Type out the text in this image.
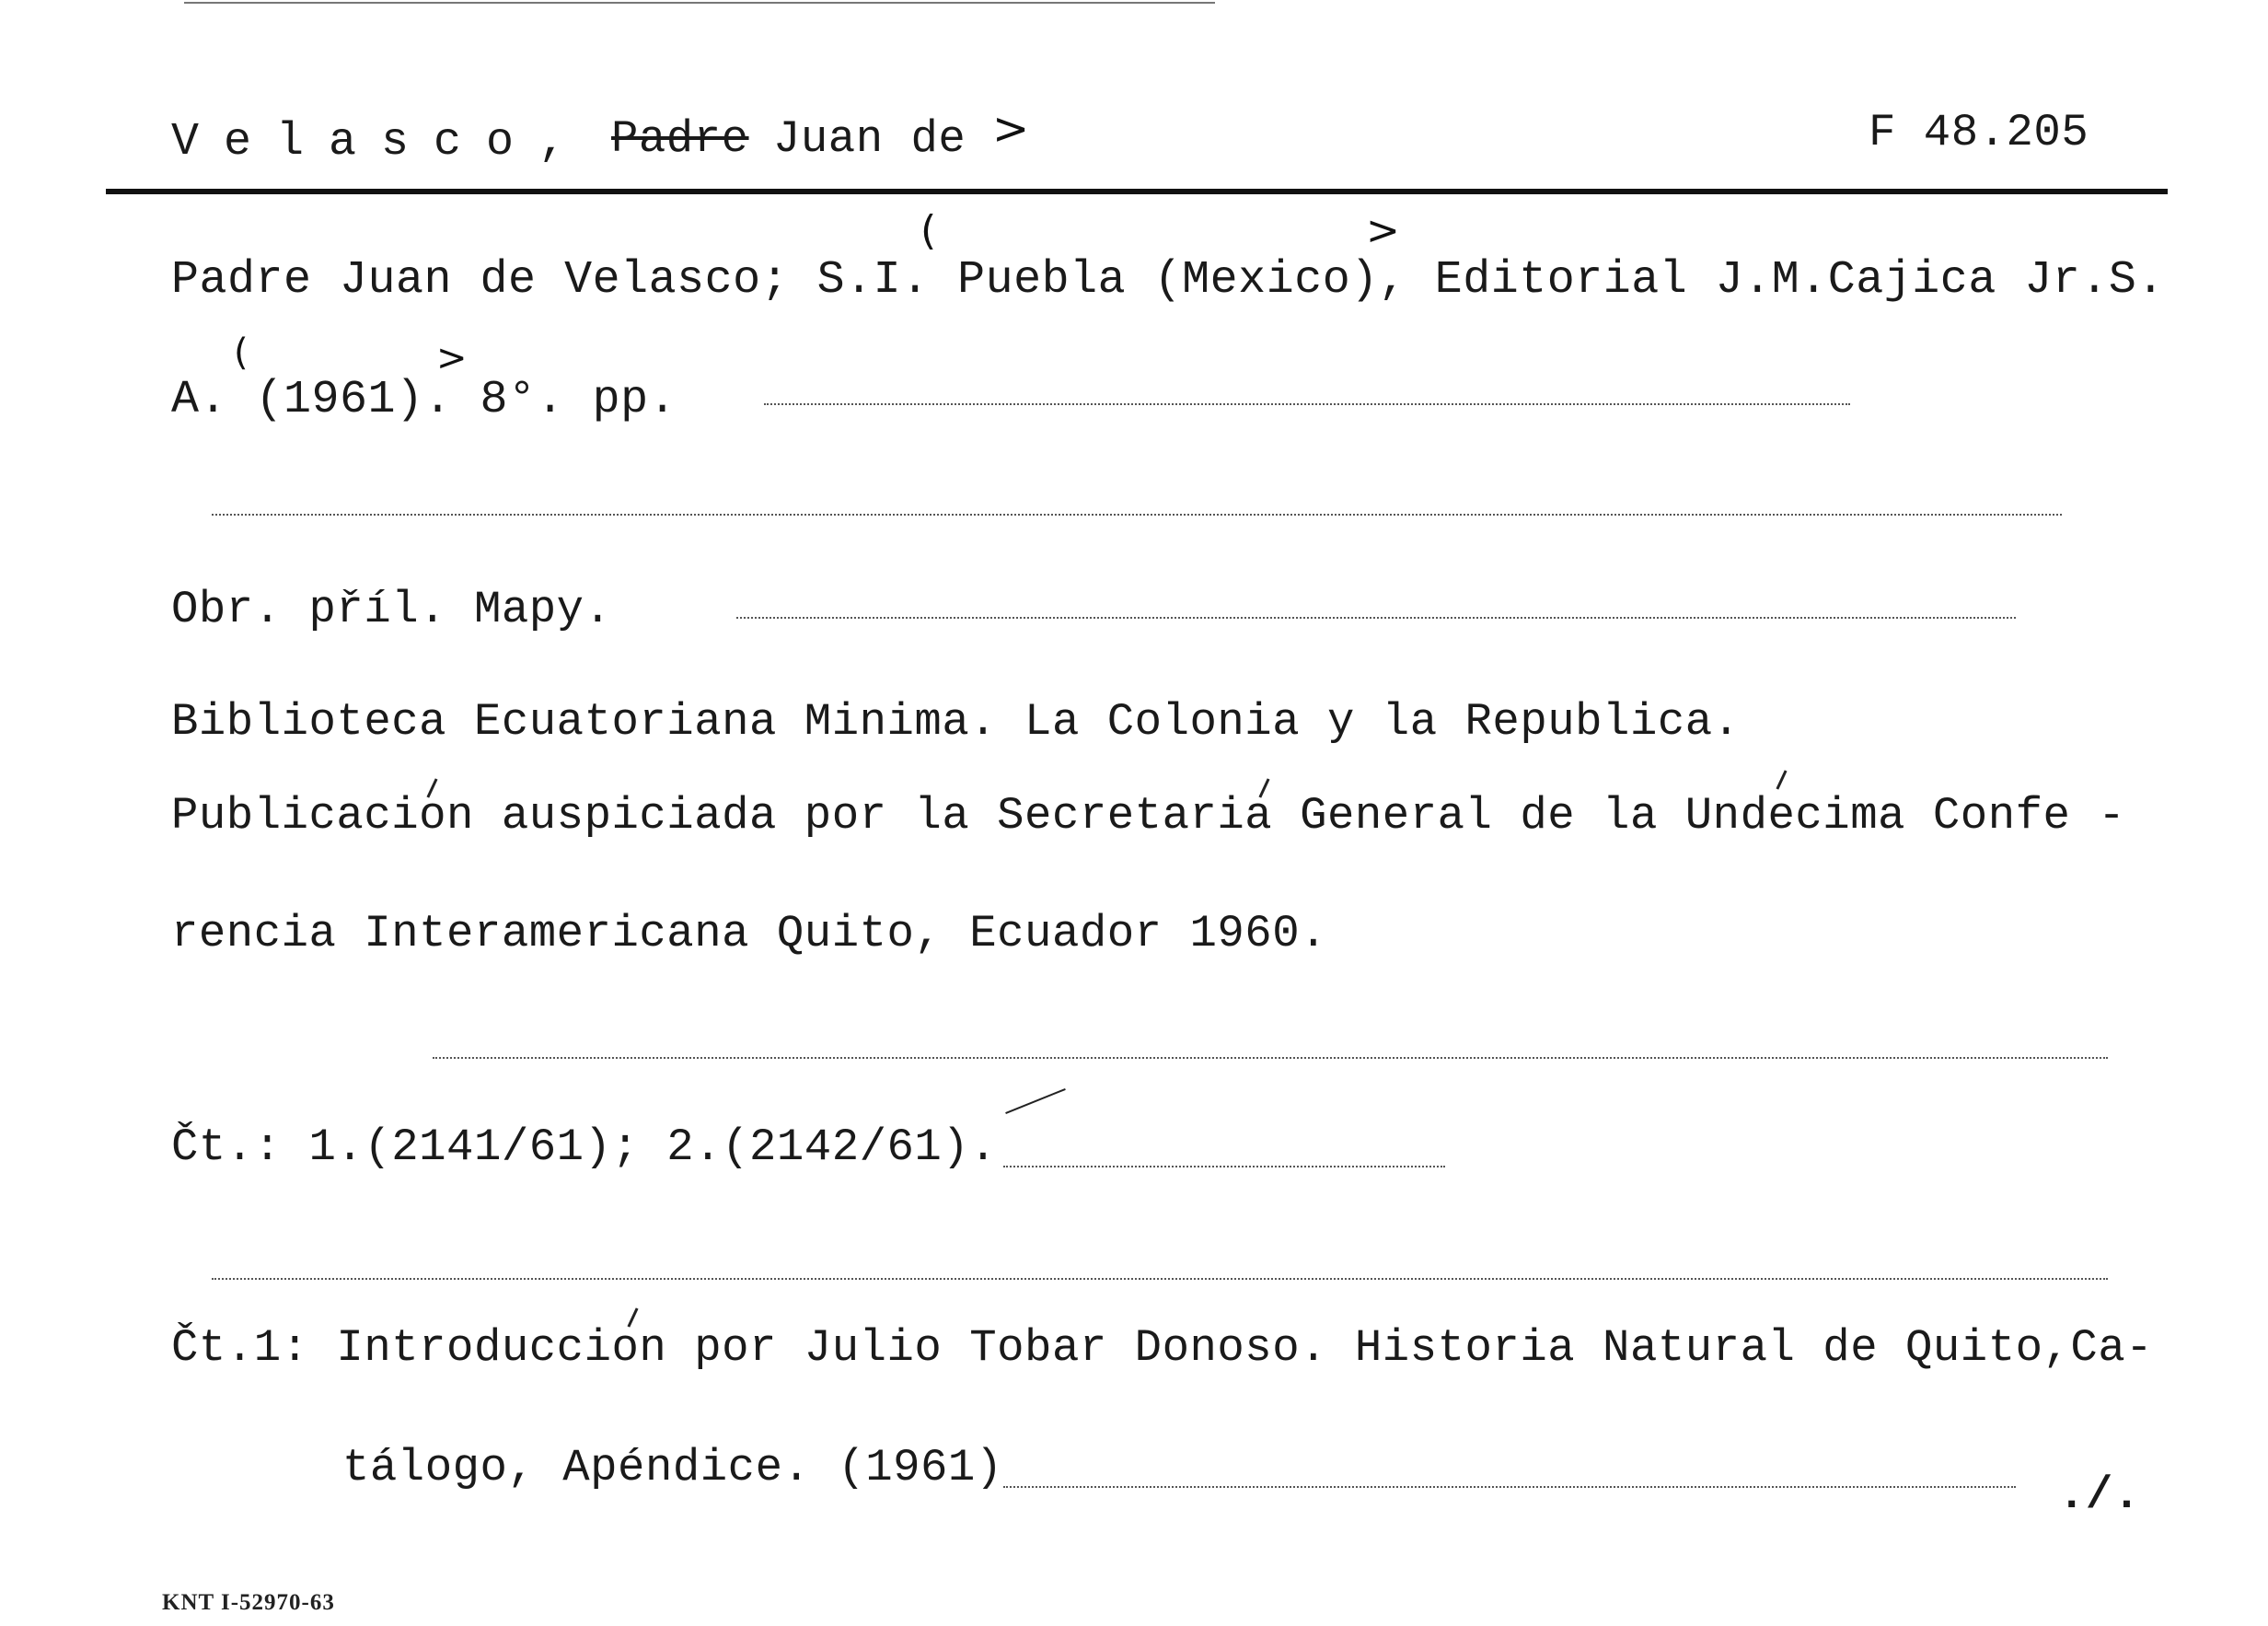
Velasco, Padre Juan de >	F 48.205
(	>
Padre Juan de Velasco; S.I. Puebla (Mexico), Editorial J.M.Cajica Jr.S.
(	>
A. (1961). 8°. pp.
Obr. příl. Mapy.
Biblioteca Ecuatoriana Minima. La Colonia y la Republica.
Publicacion auspiciada por la Secretaria General de la Undecima Confe -
rencia Interamericana Quito, Ecuador 1960.
Čt.: 1.(2141/61); 2.(2142/61).
Čt.1: Introduccion por Julio Tobar Donoso. Historia Natural de Quito,Ca-
tálogo, Apéndice. (1961)
./.
KNT I-52970-63
